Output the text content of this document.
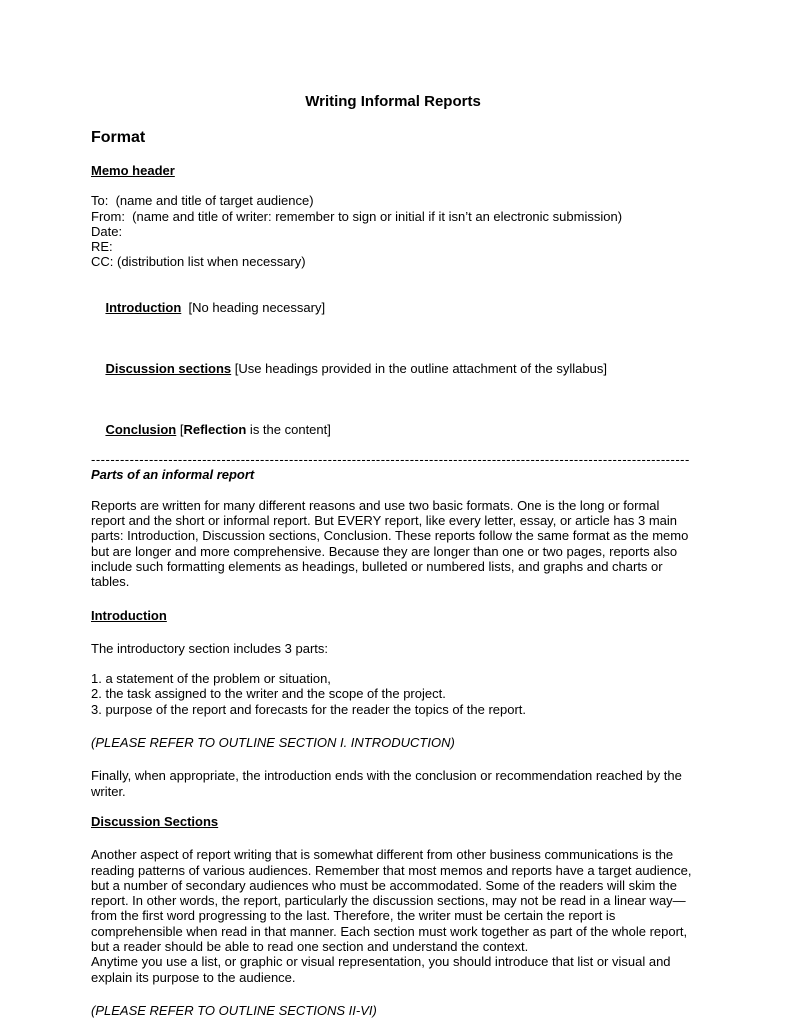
Writing Informal Reports
Format
Memo header
To:  (name and title of target audience)
From:  (name and title of writer: remember to sign or initial if it isn’t an electronic submission)
Date:
RE:
CC: (distribution list when necessary)

Introduction  [No heading necessary]

Discussion sections [Use headings provided in the outline attachment of the syllabus]

Conclusion [Reflection is the content]

----------------------------------------------------------------------------------------------------------------------------
Parts of an informal report
Reports are written for many different reasons and use two basic formats. One is the long or formal report and the short or informal report. But EVERY report, like every letter, essay, or article has 3 main parts: Introduction, Discussion sections, Conclusion. These reports follow the same format as the memo but are longer and more comprehensive. Because they are longer than one or two pages, reports also include such formatting elements as headings, bulleted or numbered lists, and graphs and charts or tables.
Introduction
The introductory section includes 3 parts:
1. a statement of the problem or situation,
2. the task assigned to the writer and the scope of the project.
3. purpose of the report and forecasts for the reader the topics of the report.
(PLEASE REFER TO OUTLINE SECTION I. INTRODUCTION)
Finally, when appropriate, the introduction ends with the conclusion or recommendation reached by the writer.
Discussion Sections
Another aspect of report writing that is somewhat different from other business communications is the reading patterns of various audiences. Remember that most memos and reports have a target audience, but a number of secondary audiences who must be accommodated. Some of the readers will skim the report. In other words, the report, particularly the discussion sections, may not be read in a linear way—from the first word progressing to the last. Therefore, the writer must be certain the report is comprehensible when read in that manner. Each section must work together as part of the whole report, but a reader should be able to read one section and understand the context.
Anytime you use a list, or graphic or visual representation, you should introduce that list or visual and explain its purpose to the audience.
(PLEASE REFER TO OUTLINE SECTIONS II-VI)
